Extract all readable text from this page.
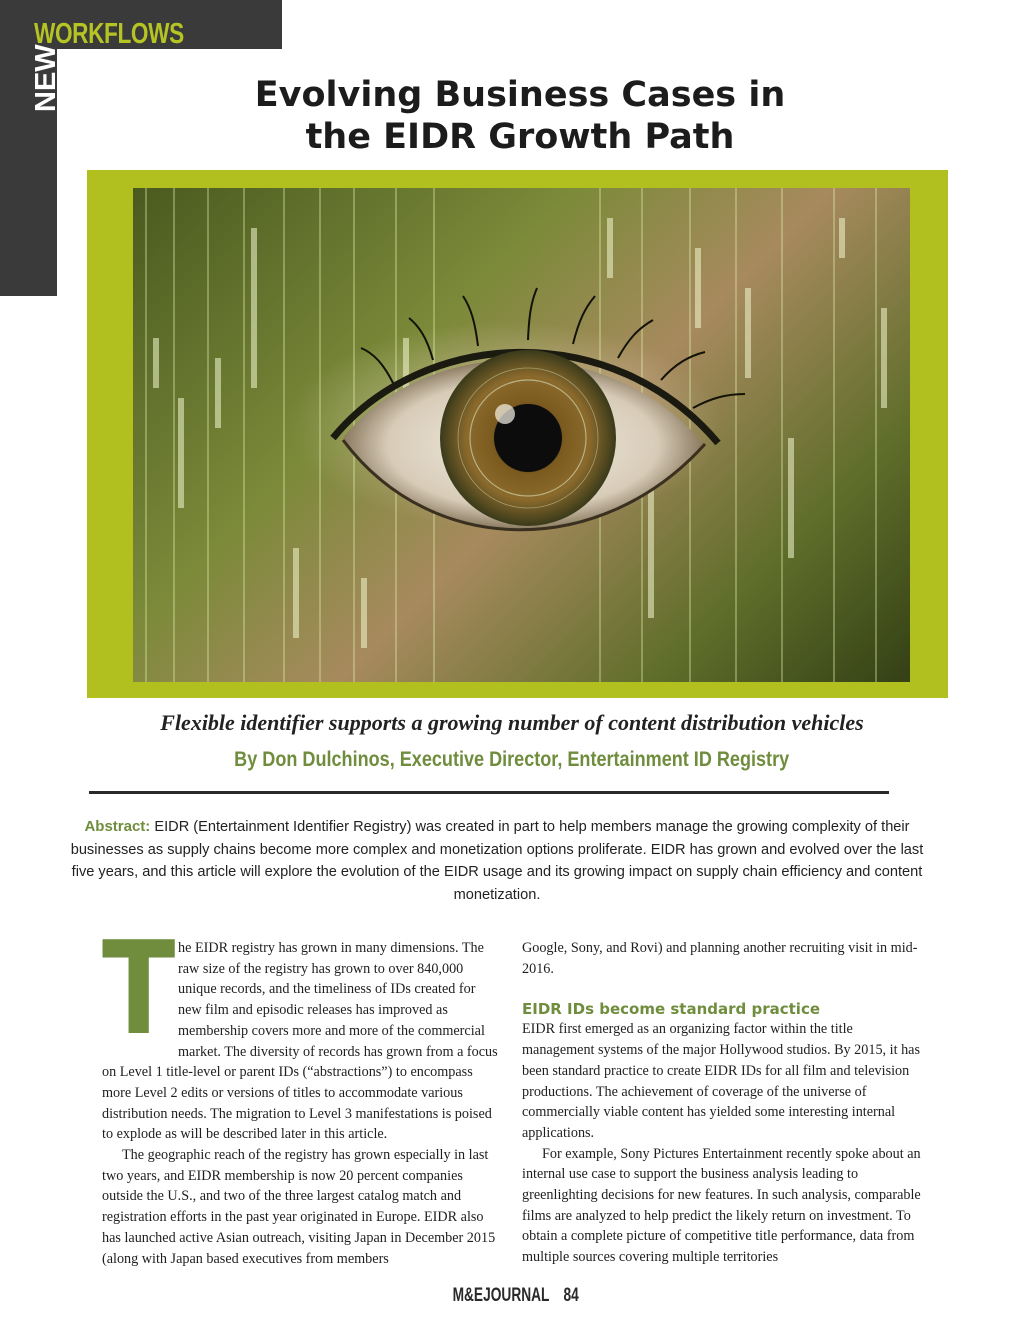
WORKFLOWS
NEW	Evolving Business Cases in
the EIDR Growth Path
Flexible identifier supports a growing number of content distribution vehicles
By Don Dulchinos, Executive Director, Entertainment ID Registry
Abstract: EIDR (Entertainment Identifier Registry) was created in part to help members manage the growing complexity of their businesses as supply chains become more complex and monetization options proliferate. EIDR has grown and evolved over the last five years, and this article will explore the evolution of the EIDR usage and its growing impact on supply chain efficiency and content monetization.
T he EIDR registry has grown in many dimensions. The raw size of the registry has grown to over 840,000 unique records, and the timeliness of IDs created for new film and episodic releases has improved as membership covers more and more of the commercial market. The diversity of records has grown from a focus on Level 1 title-level or parent IDs (“abstractions”) to encompass more Level 2 edits or versions of titles to accommodate various distribution needs. The migration to Level 3 manifestations is poised to explode as will be described later in this article.

The geographic reach of the registry has grown especially in last two years, and EIDR membership is now 20 percent companies outside the U.S., and two of the three largest catalog match and registration efforts in the past year originated in Europe. EIDR also has launched active Asian outreach, visiting Japan in December 2015 (along with Japan based executives from members

Google, Sony, and Rovi) and planning another recruiting visit in mid-2016.

EIDR IDs become standard practice

EIDR first emerged as an organizing factor within the title management systems of the major Hollywood studios. By 2015, it has been standard practice to create EIDR IDs for all film and television productions. The achievement of coverage of the universe of commercially viable content has yielded some interesting internal applications.

For example, Sony Pictures Entertainment recently spoke about an internal use case to support the business analysis leading to greenlighting decisions for new features. In such analysis, comparable films are analyzed to help predict the likely return on investment. To obtain a complete picture of competitive title performance, data from multiple sources covering multiple territories

M&EJOURNAL 84
